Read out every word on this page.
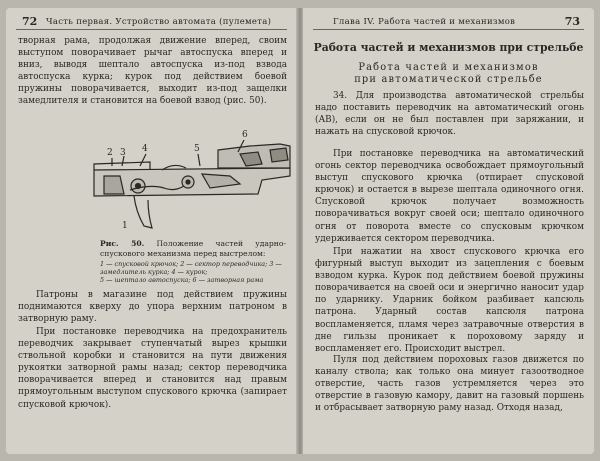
72 Часть первая. Устройство автомата (пулемета)

творная рама, продолжая движение вперед, своим выступом поворачивает рычаг автоспуска вперед и вниз, выводя шептало автоспуска из-под взвода автоспуска курка; курок под действием боевой пружины поворачивается, выходит из-под защелки замедлителя и становится на боевой взвод (рис. 50).

2 3 4	5
6
1
Рис. 50. Положение частей ударно-спускового механизма перед выстрелом:
1 — спусковой крючок; 2 — сектор переводчика; 3 — замедлитель курка; 4 — курок;
5 — шептало автоспуска; 6 — затворная рама

Патроны в магазине под действием пружины поднимаются кверху до упора верхним патроном в затворную раму.

При постановке переводчика на предохранитель переводчик закрывает ступенчатый вырез крышки ствольной коробки и становится на пути движения рукоятки затворной рамы назад; сектор переводчика поворачивается вперед и становится над правым прямоугольным выступом спускового крючка (запирает спусковой крючок).

Глава IV. Работа частей и механизмов	73
Работа частей и механизмов при стрельбе
Работа частей и механизмов
при автоматической стрельбе

34. Для производства автоматической стрельбы надо поставить переводчик на автоматический огонь (АВ), если он не был поставлен при заряжании, и нажать на спусковой крючок.

При постановке переводчика на автоматический огонь сектор переводчика освобождает прямоугольный выступ спускового крючка (отпирает спусковой крючок) и остается в вырезе шептала одиночного огня. Спусковой крючок получает возможность поворачиваться вокруг своей оси; шептало одиночного огня от поворота вместе со спусковым крючком удерживается сектором переводчика.

При нажатии на хвост спускового крючка его фигурный выступ выходит из зацепления с боевым взводом курка. Курок под действием боевой пружины поворачивается на своей оси и энергично наносит удар по ударнику. Ударник бойком разбивает капсюль патрона. Ударный состав капсюля патрона воспламеняется, пламя через затравочные отверстия в дне гильзы проникает к пороховому заряду и воспламеняет его. Происходит выстрел.

Пуля под действием пороховых газов движется по каналу ствола; как только она минует газоотводное отверстие, часть газов устремляется через это отверстие в газовую камору, давит на газовый поршень и отбрасывает затворную раму назад. Отходя назад,
